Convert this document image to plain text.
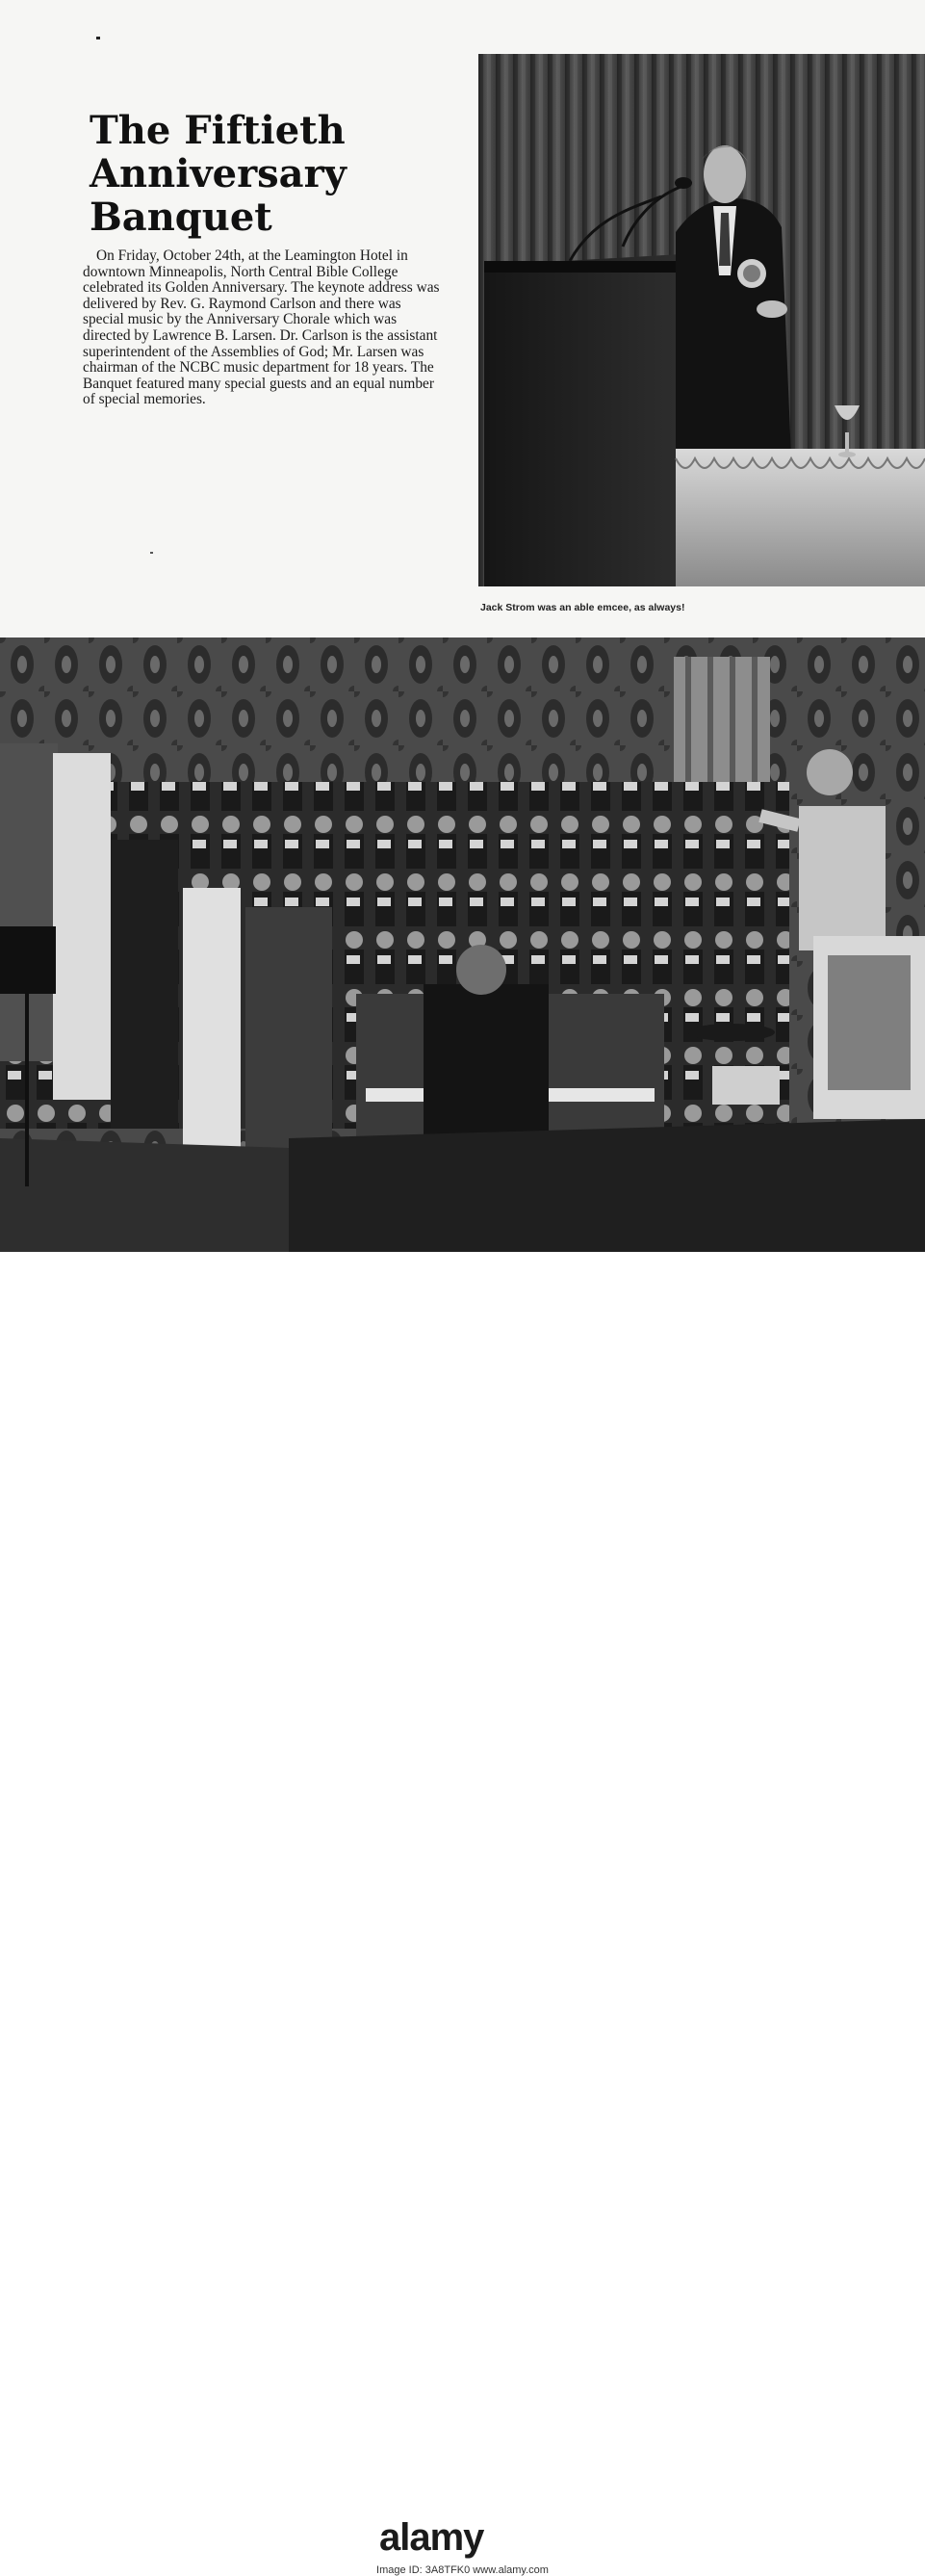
The Fiftieth
Anniversary
Banquet

On Friday, October 24th, at the Leamington Hotel in downtown Minneapolis, North Central Bible College celebrated its Golden Anniversary. The keynote address was delivered by Rev. G. Raymond Carlson and there was special music by the Anniversary Chorale which was directed by Lawrence B. Larsen. Dr. Carlson is the assistant superintendent of the Assemblies of God; Mr. Larsen was chairman of the NCBC music department for 18 years. The Banquet featured many special guests and an equal number of special memories.

Jack Strom was an able emcee, as always!
alamy
Image ID: 3A8TFK0 www.alamy.com
